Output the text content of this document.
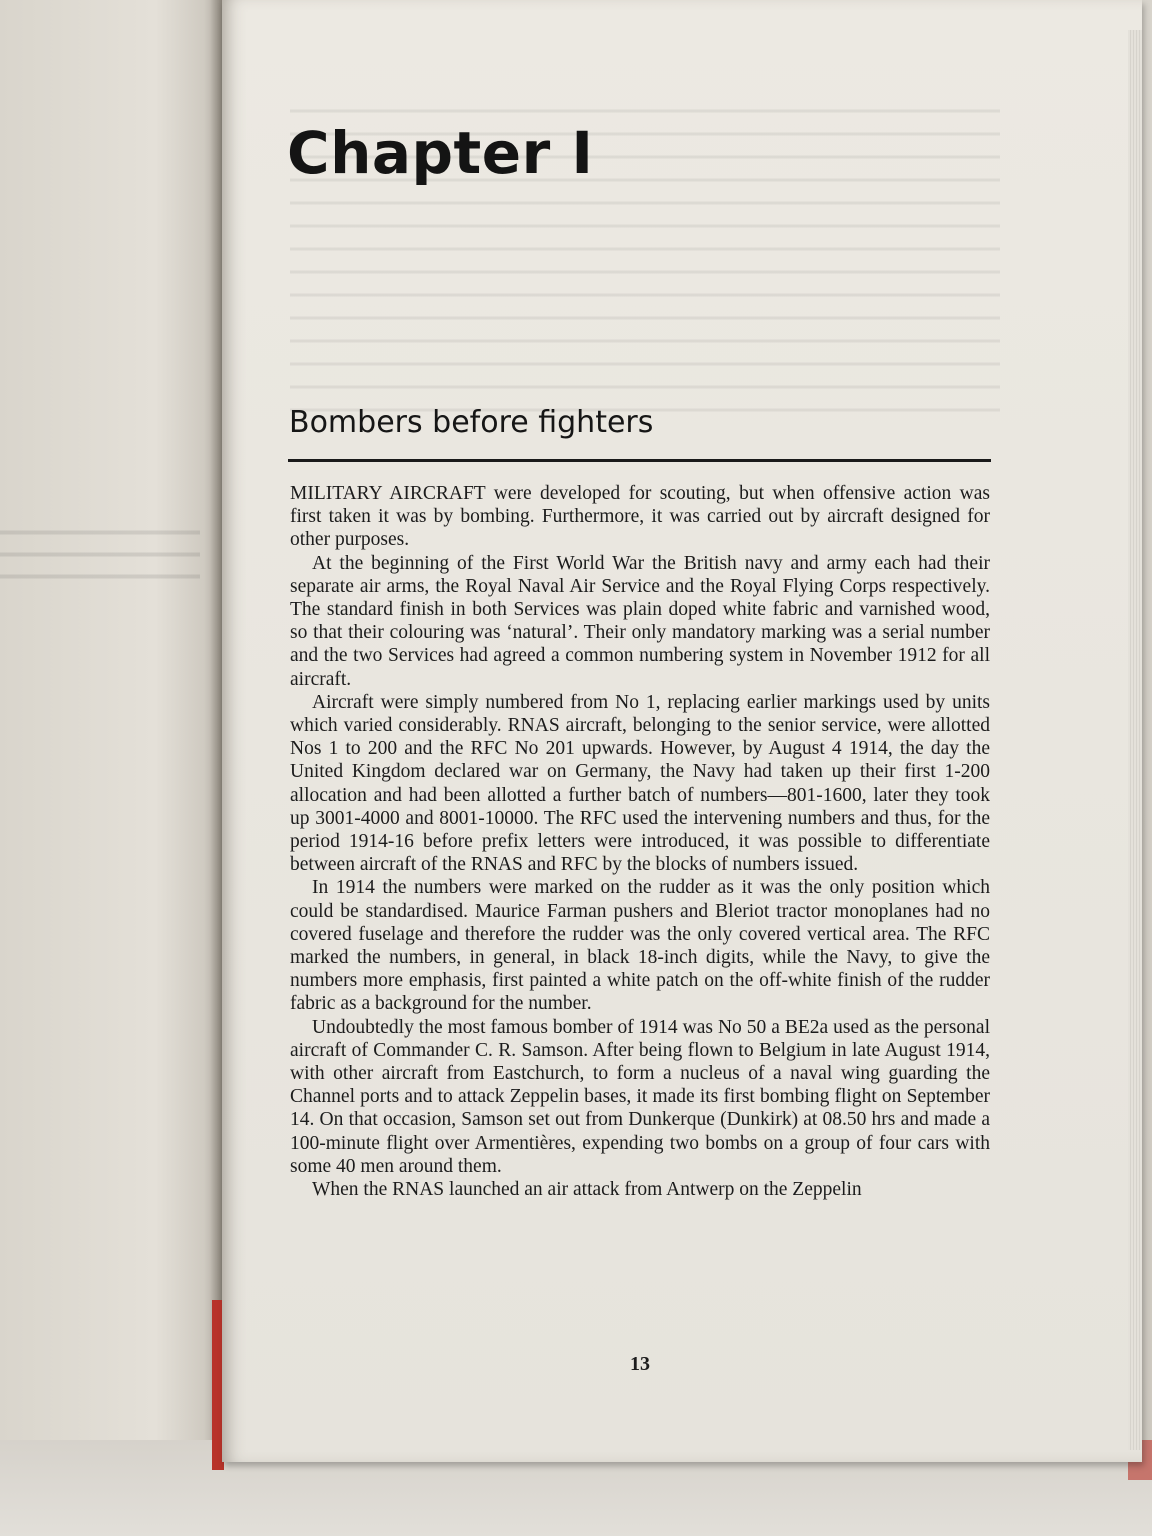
Chapter I
Bombers before fighters

MILITARY AIRCRAFT were developed for scouting, but when offensive action was first taken it was by bombing. Furthermore, it was carried out by aircraft designed for other purposes.

At the beginning of the First World War the British navy and army each had their separate air arms, the Royal Naval Air Service and the Royal Flying Corps respectively. The standard finish in both Services was plain doped white fabric and varnished wood, so that their colouring was ‘natural’. Their only mandatory marking was a serial number and the two Services had agreed a common numbering system in November 1912 for all aircraft.

Aircraft were simply numbered from No 1, replacing earlier markings used by units which varied considerably. RNAS aircraft, belonging to the senior service, were allotted Nos 1 to 200 and the RFC No 201 upwards. However, by August 4 1914, the day the United Kingdom declared war on Germany, the Navy had taken up their first 1-200 allocation and had been allotted a further batch of numbers—801-1600, later they took up 3001-4000 and 8001-10000. The RFC used the intervening numbers and thus, for the period 1914-16 before prefix letters were introduced, it was possible to differentiate between aircraft of the RNAS and RFC by the blocks of numbers issued.

In 1914 the numbers were marked on the rudder as it was the only position which could be standardised. Maurice Farman pushers and Bleriot tractor monoplanes had no covered fuselage and therefore the rudder was the only covered vertical area. The RFC marked the numbers, in general, in black 18-inch digits, while the Navy, to give the numbers more emphasis, first painted a white patch on the off-white finish of the rudder fabric as a background for the number.

Undoubtedly the most famous bomber of 1914 was No 50 a BE2a used as the personal aircraft of Commander C. R. Samson. After being flown to Belgium in late August 1914, with other aircraft from Eastchurch, to form a nucleus of a naval wing guarding the Channel ports and to attack Zeppelin bases, it made its first bombing flight on September 14. On that occasion, Samson set out from Dunkerque (Dunkirk) at 08.50 hrs and made a 100-minute flight over Armentières, expending two bombs on a group of four cars with some 40 men around them.

When the RNAS launched an air attack from Antwerp on the Zeppelin

13
